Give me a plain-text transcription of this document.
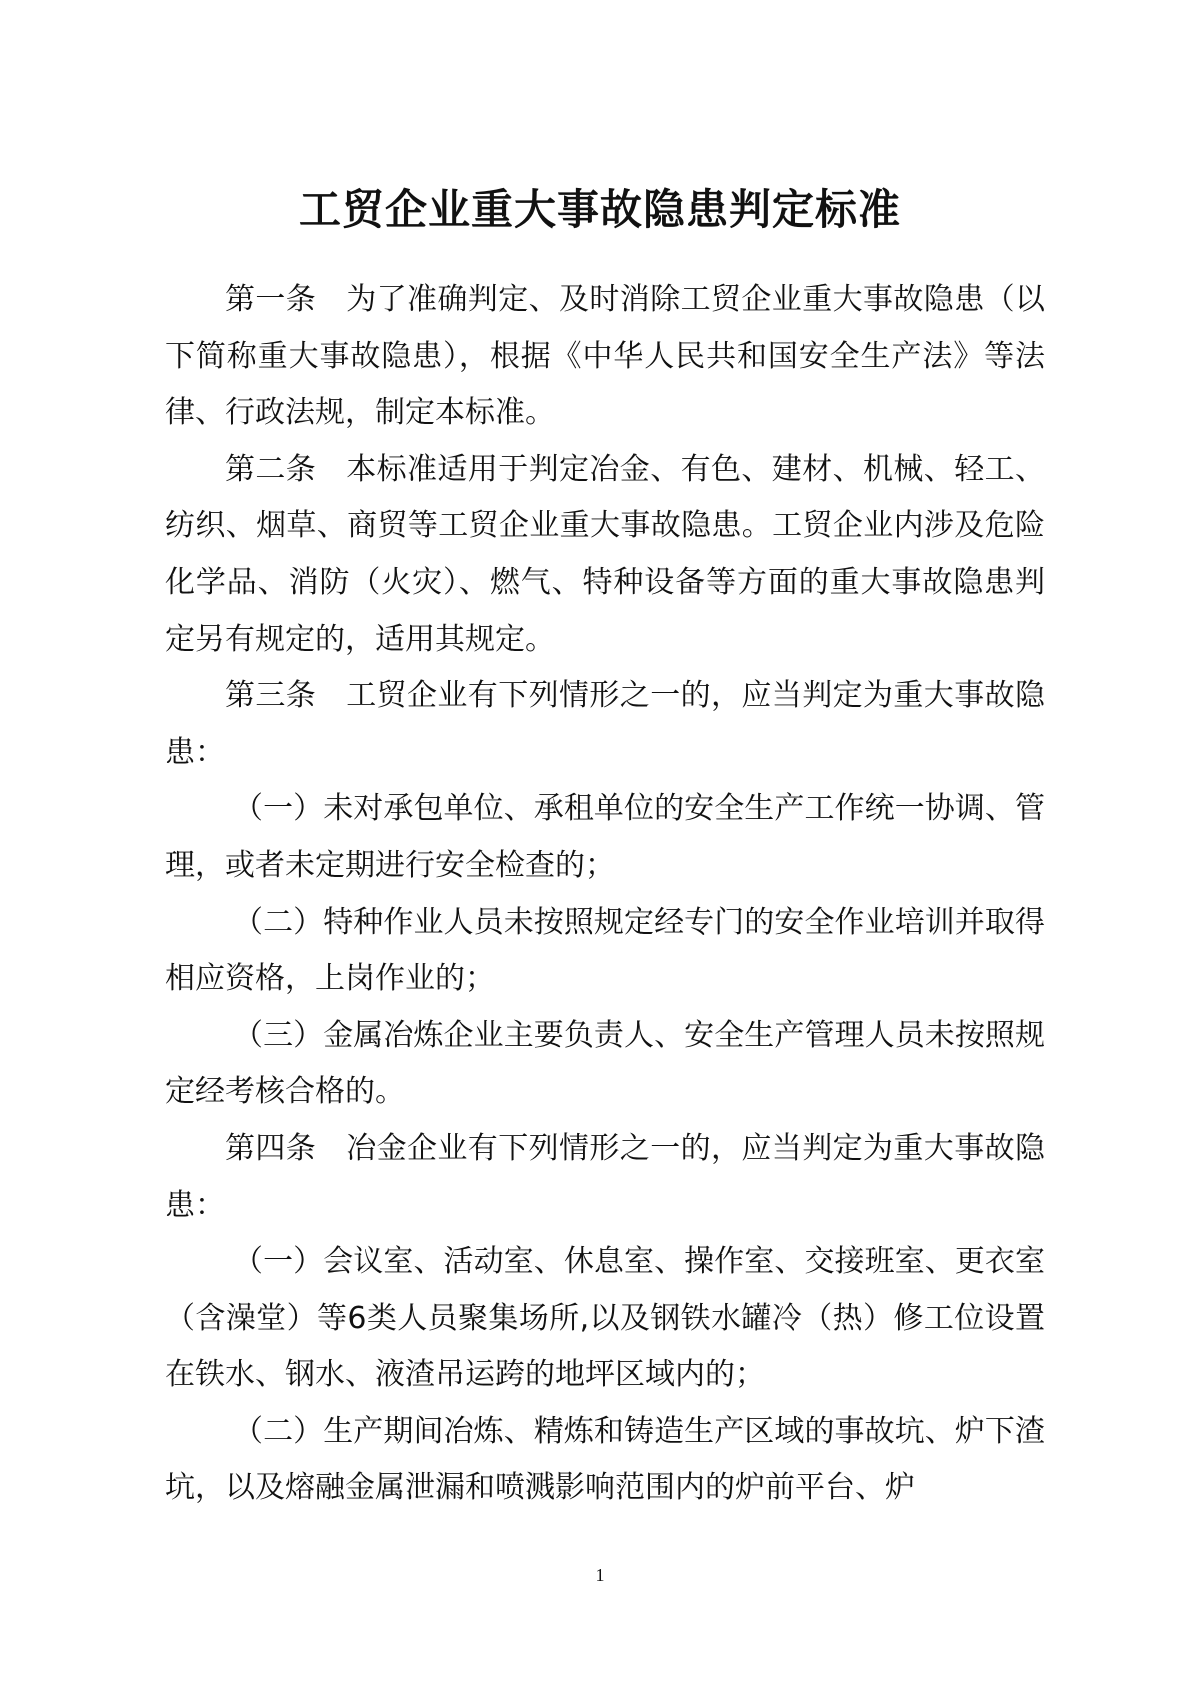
工贸企业重大事故隐患判定标准

第一条 为了准确判定、及时消除工贸企业重大事故隐患（以下简称重大事故隐患），根据《中华人民共和国安全生产法》等法律、行政法规，制定本标准。

第二条 本标准适用于判定冶金、有色、建材、机械、轻工、纺织、烟草、商贸等工贸企业重大事故隐患。工贸企业内涉及危险化学品、消防（火灾）、燃气、特种设备等方面的重大事故隐患判定另有规定的，适用其规定。

第三条 工贸企业有下列情形之一的，应当判定为重大事故隐患：

（一）未对承包单位、承租单位的安全生产工作统一协调、管理，或者未定期进行安全检查的；

（二）特种作业人员未按照规定经专门的安全作业培训并取得相应资格，上岗作业的；

（三）金属冶炼企业主要负责人、安全生产管理人员未按照规定经考核合格的。

第四条 冶金企业有下列情形之一的，应当判定为重大事故隐患：

（一）会议室、活动室、休息室、操作室、交接班室、更衣室（含澡堂）等6类人员聚集场所,以及钢铁水罐冷（热）修工位设置在铁水、钢水、液渣吊运跨的地坪区域内的；

（二）生产期间冶炼、精炼和铸造生产区域的事故坑、炉下渣坑，以及熔融金属泄漏和喷溅影响范围内的炉前平台、炉

1
